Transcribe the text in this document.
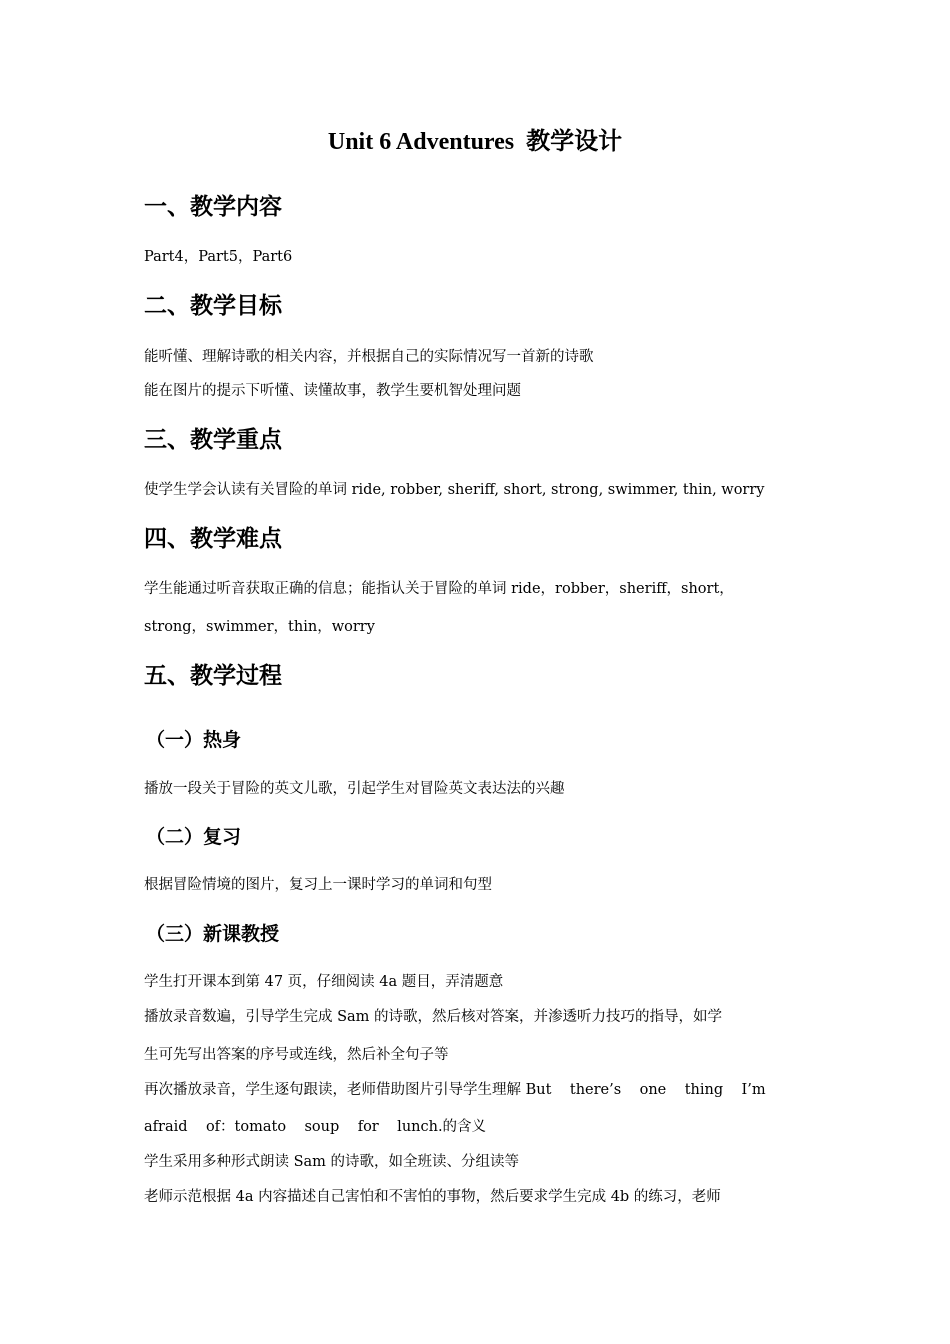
Unit 6 Adventures  教学设计
一、教学内容
Part4，Part5，Part6
二、教学目标
能听懂、理解诗歌的相关内容，并根据自己的实际情况写一首新的诗歌
能在图片的提示下听懂、读懂故事，教学生要机智处理问题
三、教学重点
使学生学会认读有关冒险的单词 ride, robber, sheriff, short, strong, swimmer, thin, worry
四、教学难点
学生能通过听音获取正确的信息；能指认关于冒险的单词 ride，robber，sheriff，short，
strong，swimmer，thin，worry
五、教学过程
（一）热身
播放一段关于冒险的英文儿歌，引起学生对冒险英文表达法的兴趣
（二）复习
根据冒险情境的图片，复习上一课时学习的单词和句型
（三）新课教授
学生打开课本到第 47 页，仔细阅读 4a 题目，弄清题意
播放录音数遍，引导学生完成 Sam 的诗歌，然后核对答案，并渗透听力技巧的指导，如学
生可先写出答案的序号或连线，然后补全句子等
再次播放录音，学生逐句跟读，老师借助图片引导学生理解 But    there’s    one    thing    I’m
afraid    of：tomato    soup    for    lunch.的含义
学生采用多种形式朗读 Sam 的诗歌，如全班读、分组读等
老师示范根据 4a 内容描述自己害怕和不害怕的事物，然后要求学生完成 4b 的练习，老师
